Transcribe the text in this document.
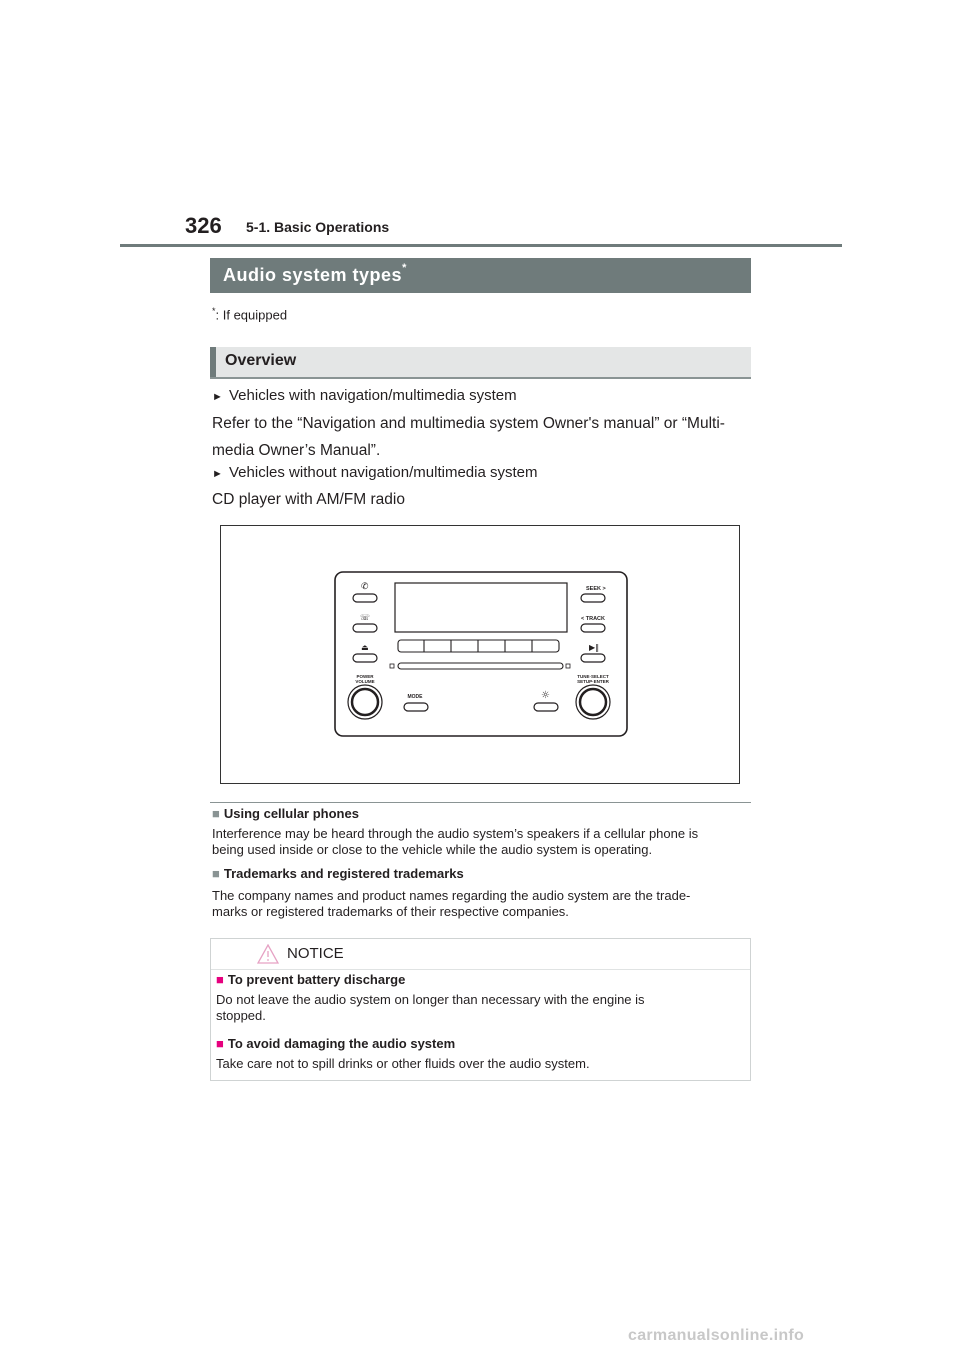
326 5-1. Basic Operations
Audio system types*
*: If equipped
Overview
► Vehicles with navigation/multimedia system
Refer to the “Navigation and multimedia system Owner's manual” or “Multi-
media Owner’s Manual”.
► Vehicles without navigation/multimedia system
CD player with AM/FM radio
✆
☏
⏏	▶‖
☼
SEEK >
< TRACK
POWER
VOLUME
MODE
TUNE·SELECT
SETUP·ENTER
■ Using cellular phones
Interference may be heard through the audio system’s speakers if a cellular phone is
being used inside or close to the vehicle while the audio system is operating.
■ Trademarks and registered trademarks
The company names and product names regarding the audio system are the trade-
marks or registered trademarks of their respective companies.
NOTICE
■ To prevent battery discharge
Do not leave the audio system on longer than necessary with the engine is
stopped.
■ To avoid damaging the audio system
Take care not to spill drinks or other fluids over the audio system.
carmanualsonline.info
